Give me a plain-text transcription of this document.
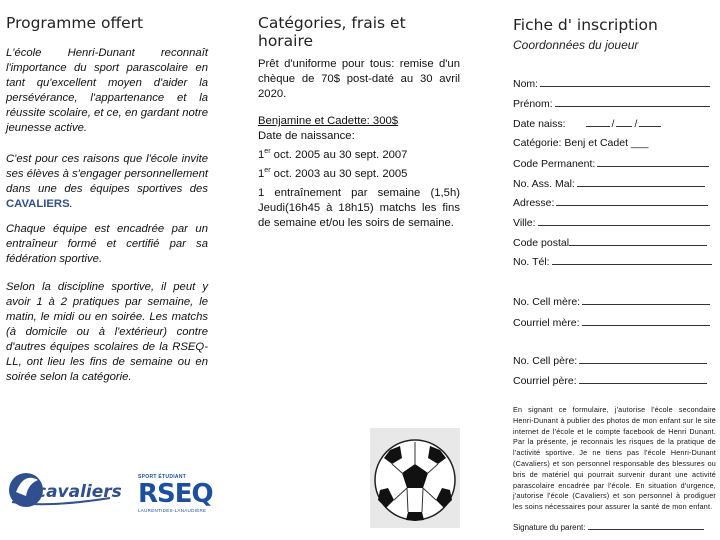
Programme offert
L'école Henri-Dunant reconnaît l'importance du sport parascolaire en tant qu'excellent moyen d'aider la persévérance, l'appartenance et la réussite scolaire, et ce, en gardant notre jeunesse active.
C'est pour ces raisons que l'école invite ses élèves à s'engager personnellement dans une des équipes sportives des CAVALIERS.
Chaque équipe est encadrée par un entraîneur formé et certifié par sa fédération sportive.
Selon la discipline sportive, il peut y avoir 1 à 2 pratiques par semaine, le matin, le midi ou en soirée. Les matchs (à domicile ou à l'extérieur) contre d'autres équipes scolaires de la RSEQ-LL, ont lieu les fins de semaine ou en soirée selon la catégorie.
cavaliers
SPORT ÉTUDIANT
RSEQ
LAURENTIDES-LANAUDIÈRE
Catégories, frais et horaire
Prêt d'uniforme pour tous: remise d'un chèque de 70$ post-daté au 30 avril 2020.
Benjamine et Cadette: 300$
Date de naissance:
1er oct. 2005 au 30 sept. 2007
1er oct. 2003 au 30 sept. 2005
1 entraînement par semaine (1,5h) Jeudi(16h45 à 18h15) matchs les fins de semaine et/ou les soirs de semaine.
Fiche d' inscription
Coordonnées du joueur
Nom:
Prénom:
Date naiss:	/ /
Catégorie: Benj et Cadet ___
Code Permanent:
No. Ass. Mal:
Adresse:
Ville:
Code postal
No. Tél:
No. Cell mère:
Courriel mère:
No. Cell père:
Courriel père:
En signant ce formulaire, j'autorise l'école secondaire Henri-Dunant à publier des photos de mon enfant sur le site internet de l'école et le compte facebook de Henri Dunant. Par la présente, je reconnais les risques de la pratique de l'activité sportive. Je ne tiens pas l'école Henri-Dunant (Cavaliers) et son personnel responsable des blessures ou bris de matériel qui pourrait survenir durant une activité parascolaire encadrée par l'école. En situation d'urgence, j'autorise l'école (Cavaliers) et son personnel à prodiguer les soins nécessaires pour assurer la santé de mon enfant.
Signature du parent:
